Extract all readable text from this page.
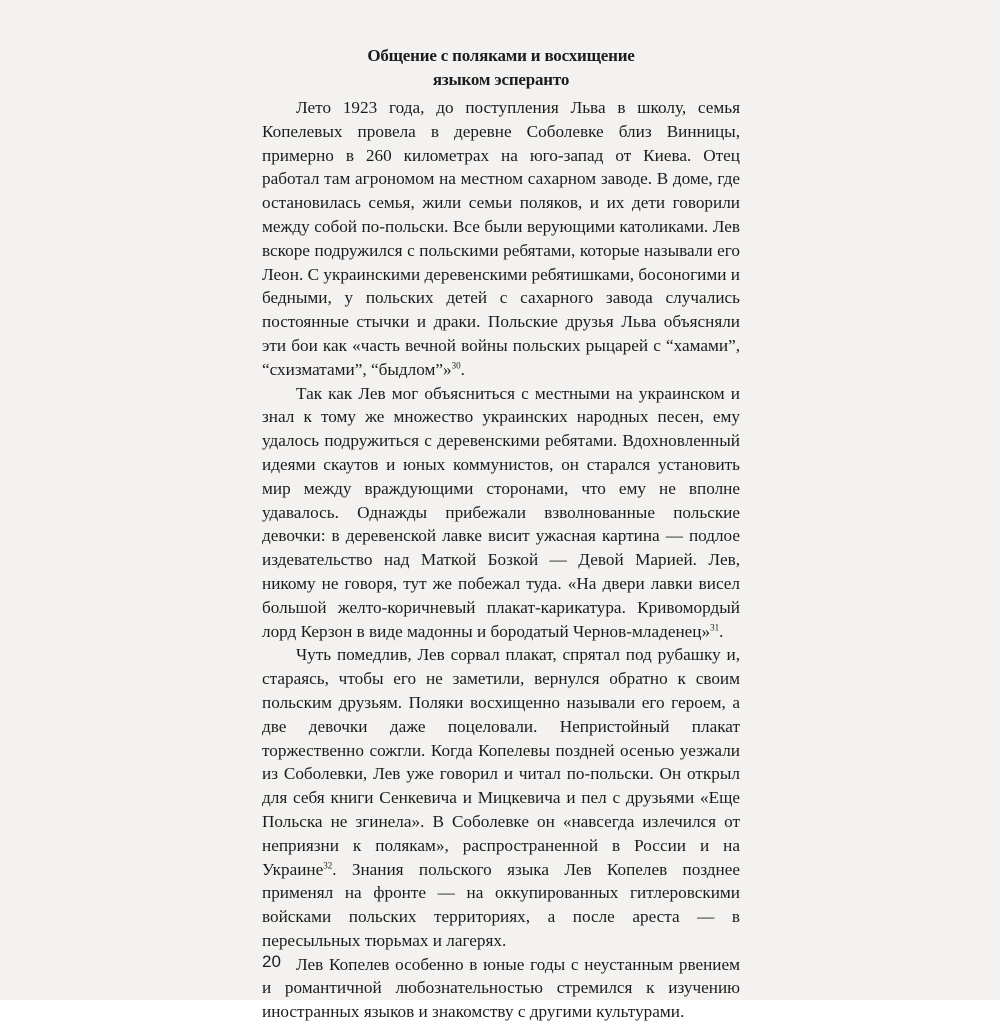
Общение с поляками и восхищение
языком эсперанто

Лето 1923 года, до поступления Льва в школу, семья Копелевых провела в деревне Соболевке близ Винницы, примерно в 260 километрах на юго-запад от Киева. Отец работал там агрономом на местном сахарном заводе. В доме, где остановилась семья, жили семьи поляков, и их дети говорили между собой по-польски. Все были верующими католиками. Лев вскоре подружился с польскими ребятами, которые называли его Леон. С украинскими деревенскими ребятишками, босоногими и бедными, у польских детей с сахарного завода случались постоянные стычки и драки. Польские друзья Льва объясняли эти бои как «часть вечной войны польских рыцарей с “хамами”, “схизматами”, “быдлом”»$^{30}$.

Так как Лев мог объясниться с местными на украинском и знал к тому же множество украинских народных песен, ему удалось подружиться с деревенскими ребятами. Вдохновленный идеями скаутов и юных коммунистов, он старался установить мир между враждующими сторонами, что ему не вполне удавалось. Однажды прибежали взволнованные польские девочки: в деревенской лавке висит ужасная картина — подлое издевательство над Маткой Бозкой — Девой Марией. Лев, никому не говоря, тут же побежал туда. «На двери лавки висел большой желто-коричневый плакат-карикатура. Кривомордый лорд Керзон в виде мадонны и бородатый Чернов-младенец»$^{31}$.

Чуть помедлив, Лев сорвал плакат, спрятал под рубашку и, стараясь, чтобы его не заметили, вернулся обратно к своим польским друзьям. Поляки восхищенно называли его героем, а две девочки даже поцеловали. Непристойный плакат торжественно сожгли. Когда Копелевы поздней осенью уезжали из Соболевки, Лев уже говорил и читал по-польски. Он открыл для себя книги Сенкевича и Мицкевича и пел с друзьями «Еще Польска не згинела». В Соболевке он «навсегда излечился от неприязни к полякам», распространенной в России и на Украине$^{32}$. Знания польского языка Лев Копелев позднее применял на фронте — на оккупированных гитлеровскими войсками польских территориях, а после ареста — в пересыльных тюрьмах и лагерях.

Лев Копелев особенно в юные годы с неустанным рвением и романтичной любознательностью стремился к изучению иностранных языков и знакомству с другими культурами.

20
